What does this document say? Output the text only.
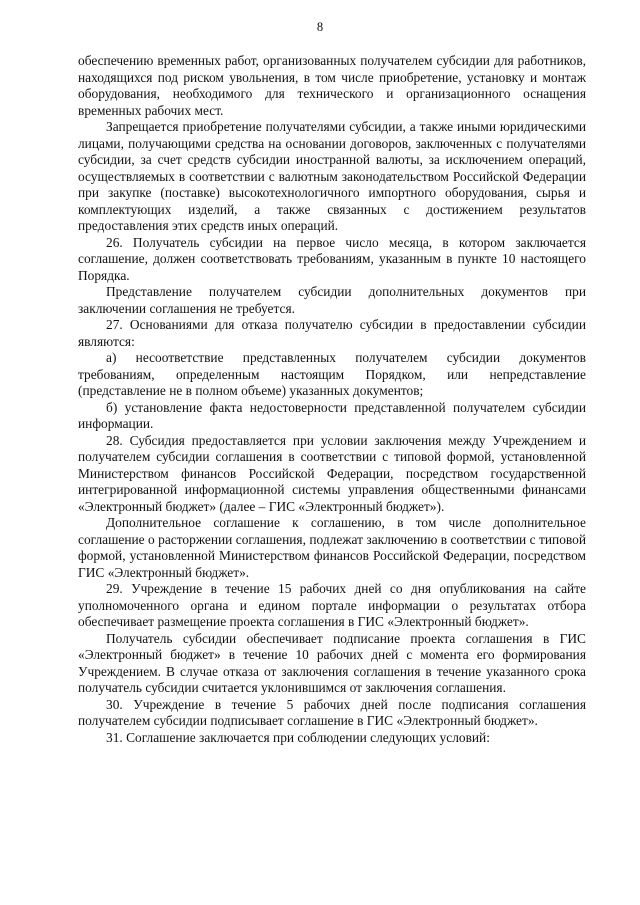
8

обеспечению временных работ, организованных получателем субсидии для работников, находящихся под риском увольнения, в том числе приобретение, установку и монтаж оборудования, необходимого для технического и организационного оснащения временных рабочих мест.

Запрещается приобретение получателями субсидии, а также иными юридическими лицами, получающими средства на основании договоров, заключенных с получателями субсидии, за счет средств субсидии иностранной валюты, за исключением операций, осуществляемых в соответствии с валютным законодательством Российской Федерации при закупке (поставке) высокотехнологичного импортного оборудования, сырья и комплектующих изделий, а также связанных с достижением результатов предоставления этих средств иных операций.

26. Получатель субсидии на первое число месяца, в котором заключается соглашение, должен соответствовать требованиям, указанным в пункте 10 настоящего Порядка.

Представление получателем субсидии дополнительных документов при заключении соглашения не требуется.

27. Основаниями для отказа получателю субсидии в предоставлении субсидии являются:

а) несоответствие представленных получателем субсидии документов требованиям, определенным настоящим Порядком, или непредставление (представление не в полном объеме) указанных документов;

б) установление факта недостоверности представленной получателем субсидии информации.

28. Субсидия предоставляется при условии заключения между Учреждением и получателем субсидии соглашения в соответствии с типовой формой, установленной Министерством финансов Российской Федерации, посредством государственной интегрированной информационной системы управления общественными финансами «Электронный бюджет» (далее – ГИС «Электронный бюджет»).

Дополнительное соглашение к соглашению, в том числе дополнительное соглашение о расторжении соглашения, подлежат заключению в соответствии с типовой формой, установленной Министерством финансов Российской Федерации, посредством ГИС «Электронный бюджет».

29. Учреждение в течение 15 рабочих дней со дня опубликования на сайте уполномоченного органа и едином портале информации о результатах отбора обеспечивает размещение проекта соглашения в ГИС «Электронный бюджет».

Получатель субсидии обеспечивает подписание проекта соглашения в ГИС «Электронный бюджет» в течение 10 рабочих дней с момента его формирования Учреждением. В случае отказа от заключения соглашения в течение указанного срока получатель субсидии считается уклонившимся от заключения соглашения.

30. Учреждение в течение 5 рабочих дней после подписания соглашения получателем субсидии подписывает соглашение в ГИС «Электронный бюджет».

31. Соглашение заключается при соблюдении следующих условий:
